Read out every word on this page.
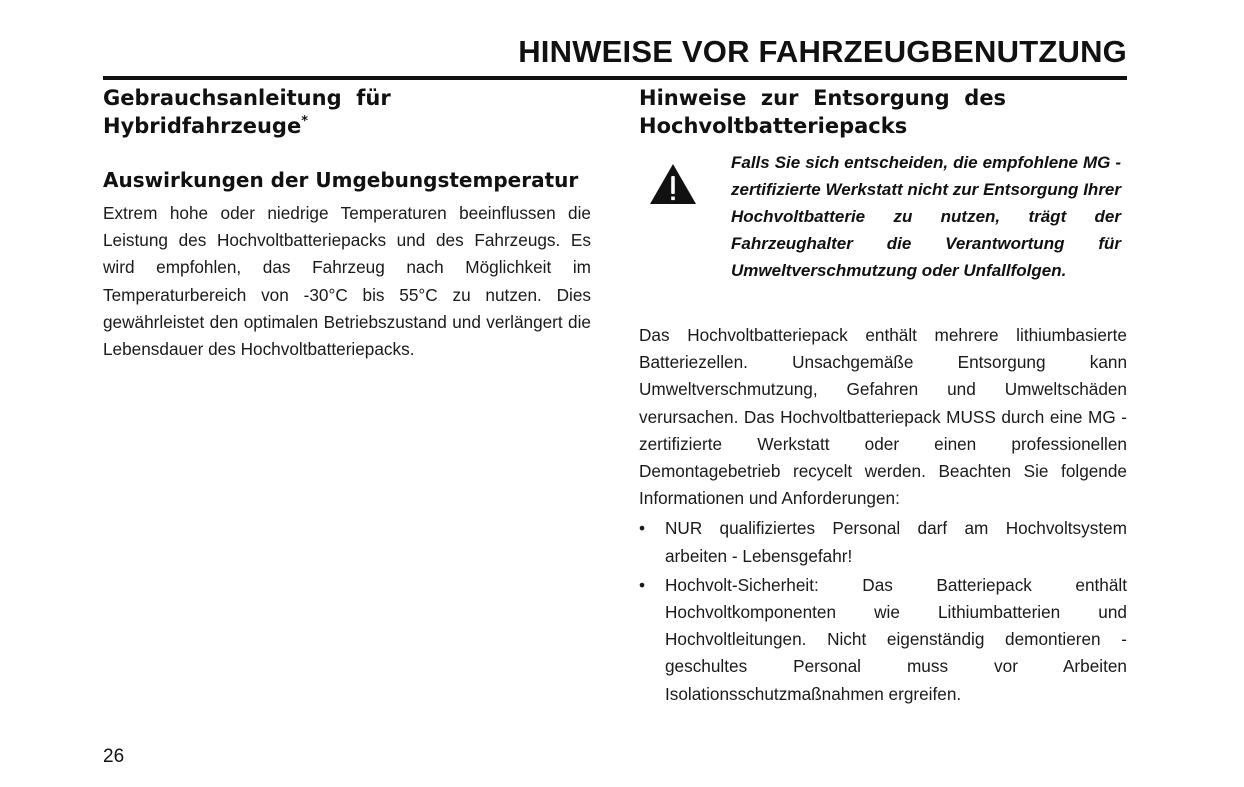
HINWEISE VOR FAHRZEUGBENUTZUNG
Gebrauchsanleitung  für
Hybridfahrzeuge*
Auswirkungen der Umgebungstemperatur

Extrem hohe oder niedrige Temperaturen beeinflussen die Leistung des Hochvoltbatteriepacks und des Fahrzeugs. Es wird empfohlen, das Fahrzeug nach Möglichkeit im Temperaturbereich von -30°C bis 55°C zu nutzen. Dies gewährleistet den optimalen Betriebszustand und verlängert die Lebensdauer des Hochvoltbatteriepacks.

Hinweise  zur  Entsorgung  des
Hochvoltbatteriepacks
Falls Sie sich entscheiden, die empfohlene MG -zertifizierte Werkstatt nicht zur Entsorgung Ihrer Hochvoltbatterie zu nutzen, trägt der Fahrzeughalter die Verantwortung für Umweltverschmutzung oder Unfallfolgen.

Das Hochvoltbatteriepack enthält mehrere lithiumbasierte Batteriezellen. Unsachgemäße Entsorgung kann Umweltverschmutzung, Gefahren und Umweltschäden verursachen. Das Hochvoltbatteriepack MUSS durch eine MG -zertifizierte Werkstatt oder einen professionellen Demontagebetrieb recycelt werden. Beachten Sie folgende Informationen und Anforderungen:

• NUR qualifiziertes Personal darf am Hochvoltsystem arbeiten - Lebensgefahr!
• Hochvolt-Sicherheit: Das Batteriepack enthält Hochvoltkomponenten wie Lithiumbatterien und Hochvoltleitungen. Nicht eigenständig demontieren - geschultes Personal muss vor Arbeiten Isolationsschutzmaßnahmen ergreifen.
26
